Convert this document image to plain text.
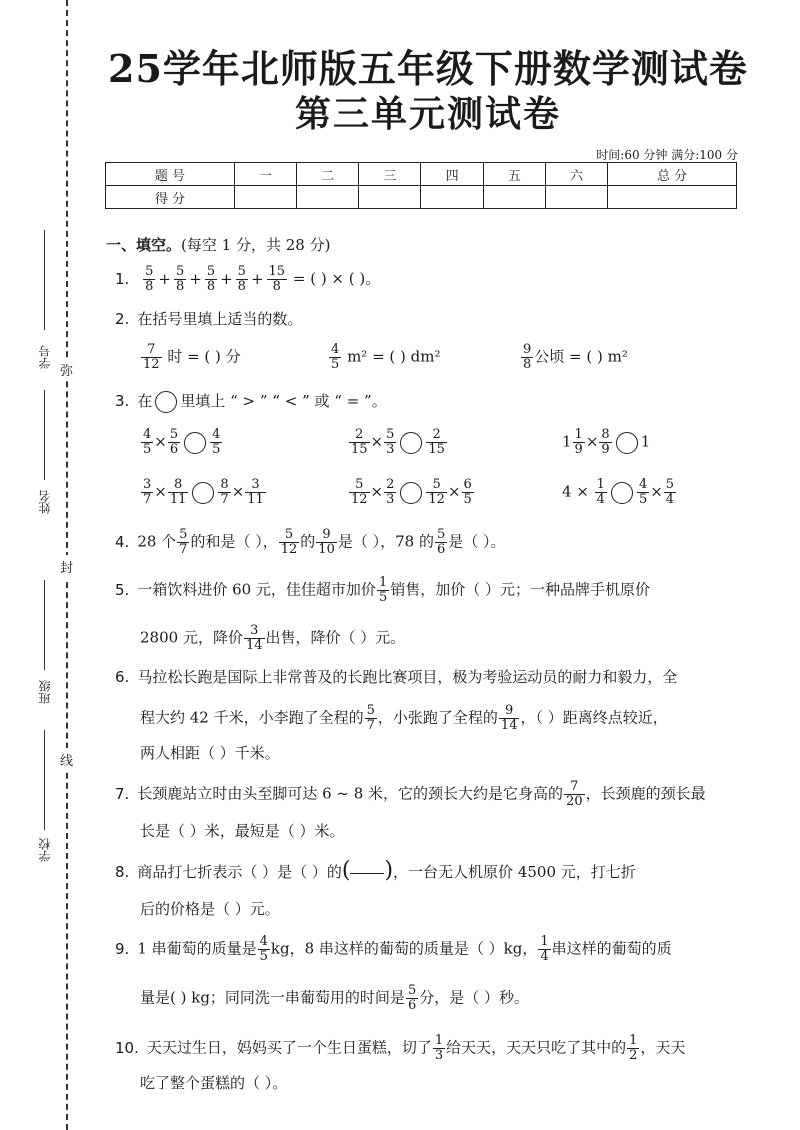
弥
封
线
学号
姓名
班级
学校
25学年北师版五年级下册数学测试卷
第三单元测试卷
时间:60 分钟 满分:100 分
题 号	一	二	三	四	五	六	总 分
得 分							
一、填空。(每空 1 分，共 28 分)
1. $\frac{5}{8} + \frac{5}{8} + \frac{5}{8} + \frac{5}{8} + \frac{15}{8}$ = ( ) × ( )。
2. 在括号里填上适当的数。
$\frac{7}{12}$ 时 = ( ) 分	$\frac{4}{5} m^2$ = ( ) dm²	$\frac{9}{8}$ 公顷 = ( ) m²
3. 在 里填上 “ > ” “ < ” 或 “ = ”。
$\frac{4}{5} \times \frac{5}{6} \frac{4}{5}$	$\frac{2}{15} \times \frac{5}{3} \frac{2}{15}$	$1 \frac{1}{9} \times \frac{8}{9} 1$
$\frac{3}{7} \times \frac{8}{11} \frac{8}{7} \times \frac{3}{11}$	$\frac{5}{12} \times \frac{2}{3} \frac{5}{12} \times \frac{6}{5}$	$4 \times \frac{1}{4} \frac{4}{5} \times \frac{5}{4}$
4. 28 个 $\frac{5}{7}$ 的和是（ ）， $\frac{5}{12}$ 的 $\frac{9}{10}$ 是（ ），78 的 $\frac{5}{6}$ 是（ ）。
5. 一箱饮料进价 60 元，佳佳超市加价 $\frac{1}{5}$ 销售，加价（ ）元；一种品牌手机原价
2800 元，降价 $\frac{3}{14}$ 出售，降价（ ）元。
6. 马拉松长跑是国际上非常普及的长跑比赛项目，极为考验运动员的耐力和毅力，全
程大约 42 千米，小李跑了全程的 $\frac{5}{7}$ ，小张跑了全程的 $\frac{9}{14}$ ，（ ）距离终点较近，
两人相距（ ）千米。
7. 长颈鹿站立时由头至脚可达 6 ~ 8 米，它的颈长大约是它身高的 $\frac{7}{20}$ ，长颈鹿的颈长最
长是（ ）米，最短是（ ）米。
8. 商品打七折表示（ ）是（ ）的( )，一台无人机原价 4500 元，打七折
后的价格是（ ）元。
9. 1 串葡萄的质量是 $\frac{4}{5}$ kg，8 串这样的葡萄的质量是（ ）kg， $\frac{1}{4}$ 串这样的葡萄的质
量是( ) kg；同同洗一串葡萄用的时间是 $\frac{5}{6}$ 分，是（ ）秒。
10. 天天过生日，妈妈买了一个生日蛋糕，切了 $\frac{1}{3}$ 给天天，天天只吃了其中的 $\frac{1}{2}$ ，天天
吃了整个蛋糕的（ ）。
